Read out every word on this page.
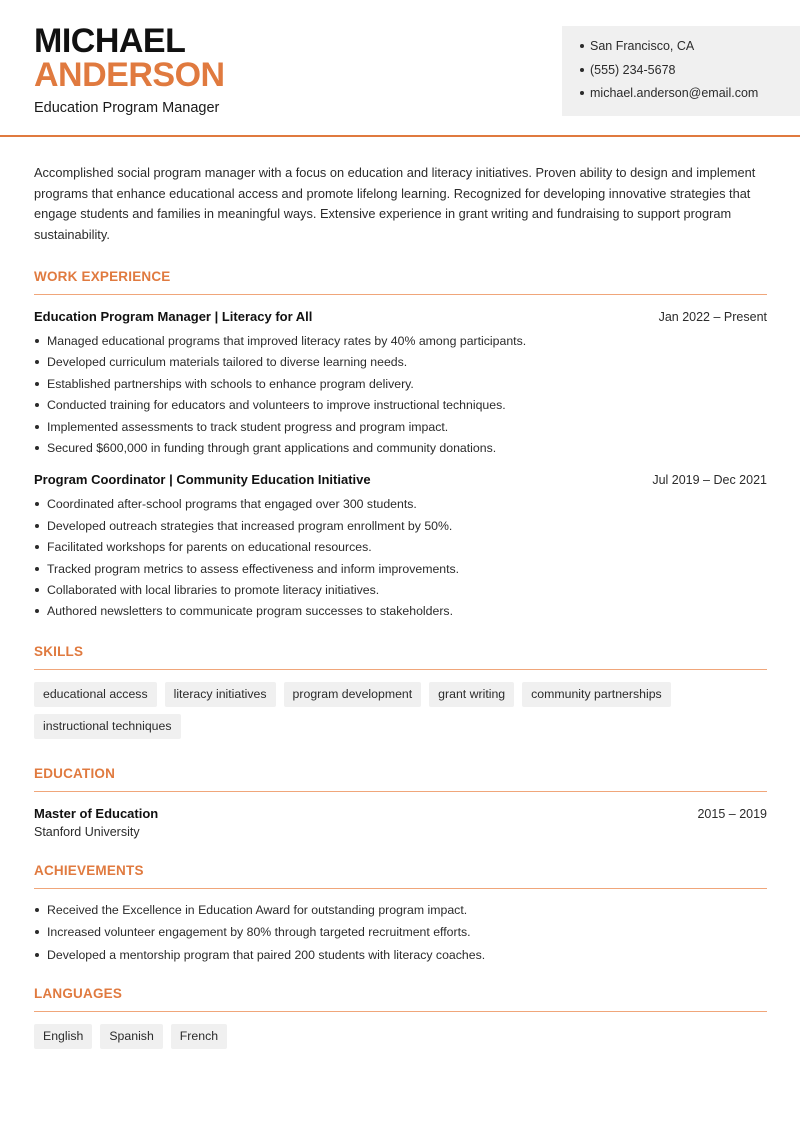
MICHAEL
ANDERSON
Education Program Manager
San Francisco, CA
(555) 234-5678
michael.anderson@email.com

Accomplished social program manager with a focus on education and literacy initiatives. Proven ability to design and implement programs that enhance educational access and promote lifelong learning. Recognized for developing innovative strategies that engage students and families in meaningful ways. Extensive experience in grant writing and fundraising to support program sustainability.

WORK EXPERIENCE
Education Program Manager | Literacy for All	Jan 2022 – Present
Managed educational programs that improved literacy rates by 40% among participants.
Developed curriculum materials tailored to diverse learning needs.
Established partnerships with schools to enhance program delivery.
Conducted training for educators and volunteers to improve instructional techniques.
Implemented assessments to track student progress and program impact.
Secured $600,000 in funding through grant applications and community donations.
Program Coordinator | Community Education Initiative	Jul 2019 – Dec 2021
Coordinated after-school programs that engaged over 300 students.
Developed outreach strategies that increased program enrollment by 50%.
Facilitated workshops for parents on educational resources.
Tracked program metrics to assess effectiveness and inform improvements.
Collaborated with local libraries to promote literacy initiatives.
Authored newsletters to communicate program successes to stakeholders.
SKILLS
educational access	literacy initiatives	program development	grant writing	community partnerships
instructional techniques
EDUCATION
Master of Education	2015 – 2019
Stanford University
ACHIEVEMENTS
Received the Excellence in Education Award for outstanding program impact.
Increased volunteer engagement by 80% through targeted recruitment efforts.
Developed a mentorship program that paired 200 students with literacy coaches.
LANGUAGES
English	Spanish	French
